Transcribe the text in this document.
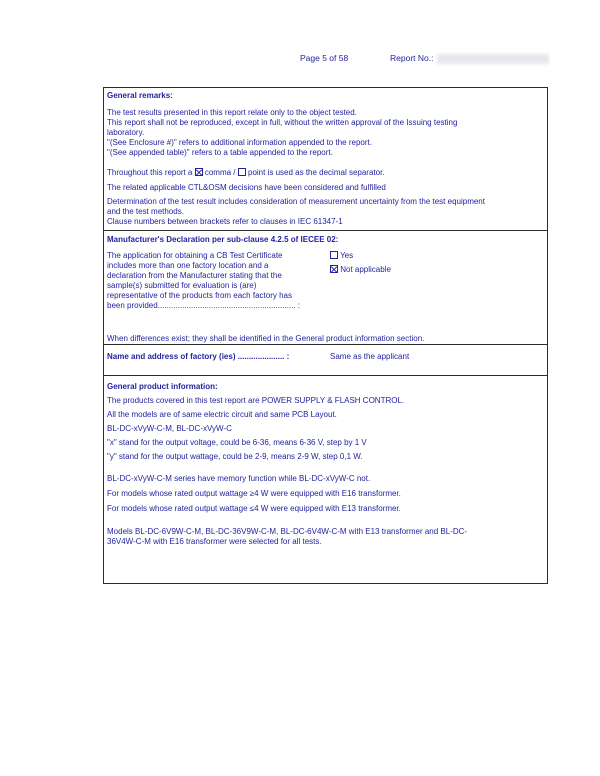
Page 5 of 58	Report No.:
General remarks:
The test results presented in this report relate only to the object tested.
This report shall not be reproduced, except in full, without the written approval of the Issuing testing
laboratory.
"(See Enclosure #)" refers to additional information appended to the report.
"(See appended table)" refers to a table appended to the report.
Throughout this report a comma / point is used as the decimal separator.
The related applicable CTL&OSM decisions have been considered and fulfilled
Determination of the test result includes consideration of measurement uncertainty from the test equipment
and the test methods.
Clause numbers between brackets refer to clauses in IEC 61347-1
Manufacturer's Declaration per sub-clause 4.2.5 of IECEE 02:
The application for obtaining a CB Test Certificate
includes more than one factory location and a
declaration from the Manufacturer stating that the
sample(s) submitted for evaluation is (are)
representative of the products from each factory has
been provided.............................................................. :
Yes
Not applicable
When differences exist; they shall be identified in the General product information section.
Name and address of factory (ies) ..................... :	Same as the applicant
General product information:
The products covered in this test report are POWER SUPPLY & FLASH CONTROL.
All the models are of same electric circuit and same PCB Layout.
BL-DC-xVyW-C-M, BL-DC-xVyW-C
"x" stand for the output voltage, could be 6-36, means 6-36 V, step by 1 V
"y" stand for the output wattage, could be 2-9, means 2-9 W, step 0,1 W.
BL-DC-xVyW-C-M series have memory function while BL-DC-xVyW-C not.
For models whose rated output wattage ≥4 W were equipped with E16 transformer.
For models whose rated output wattage ≤4 W were equipped with E13 transformer.
Models BL-DC-6V9W-C-M, BL-DC-36V9W-C-M, BL-DC-6V4W-C-M with E13 transformer and BL-DC-
36V4W-C-M with E16 transformer were selected for all tests.
